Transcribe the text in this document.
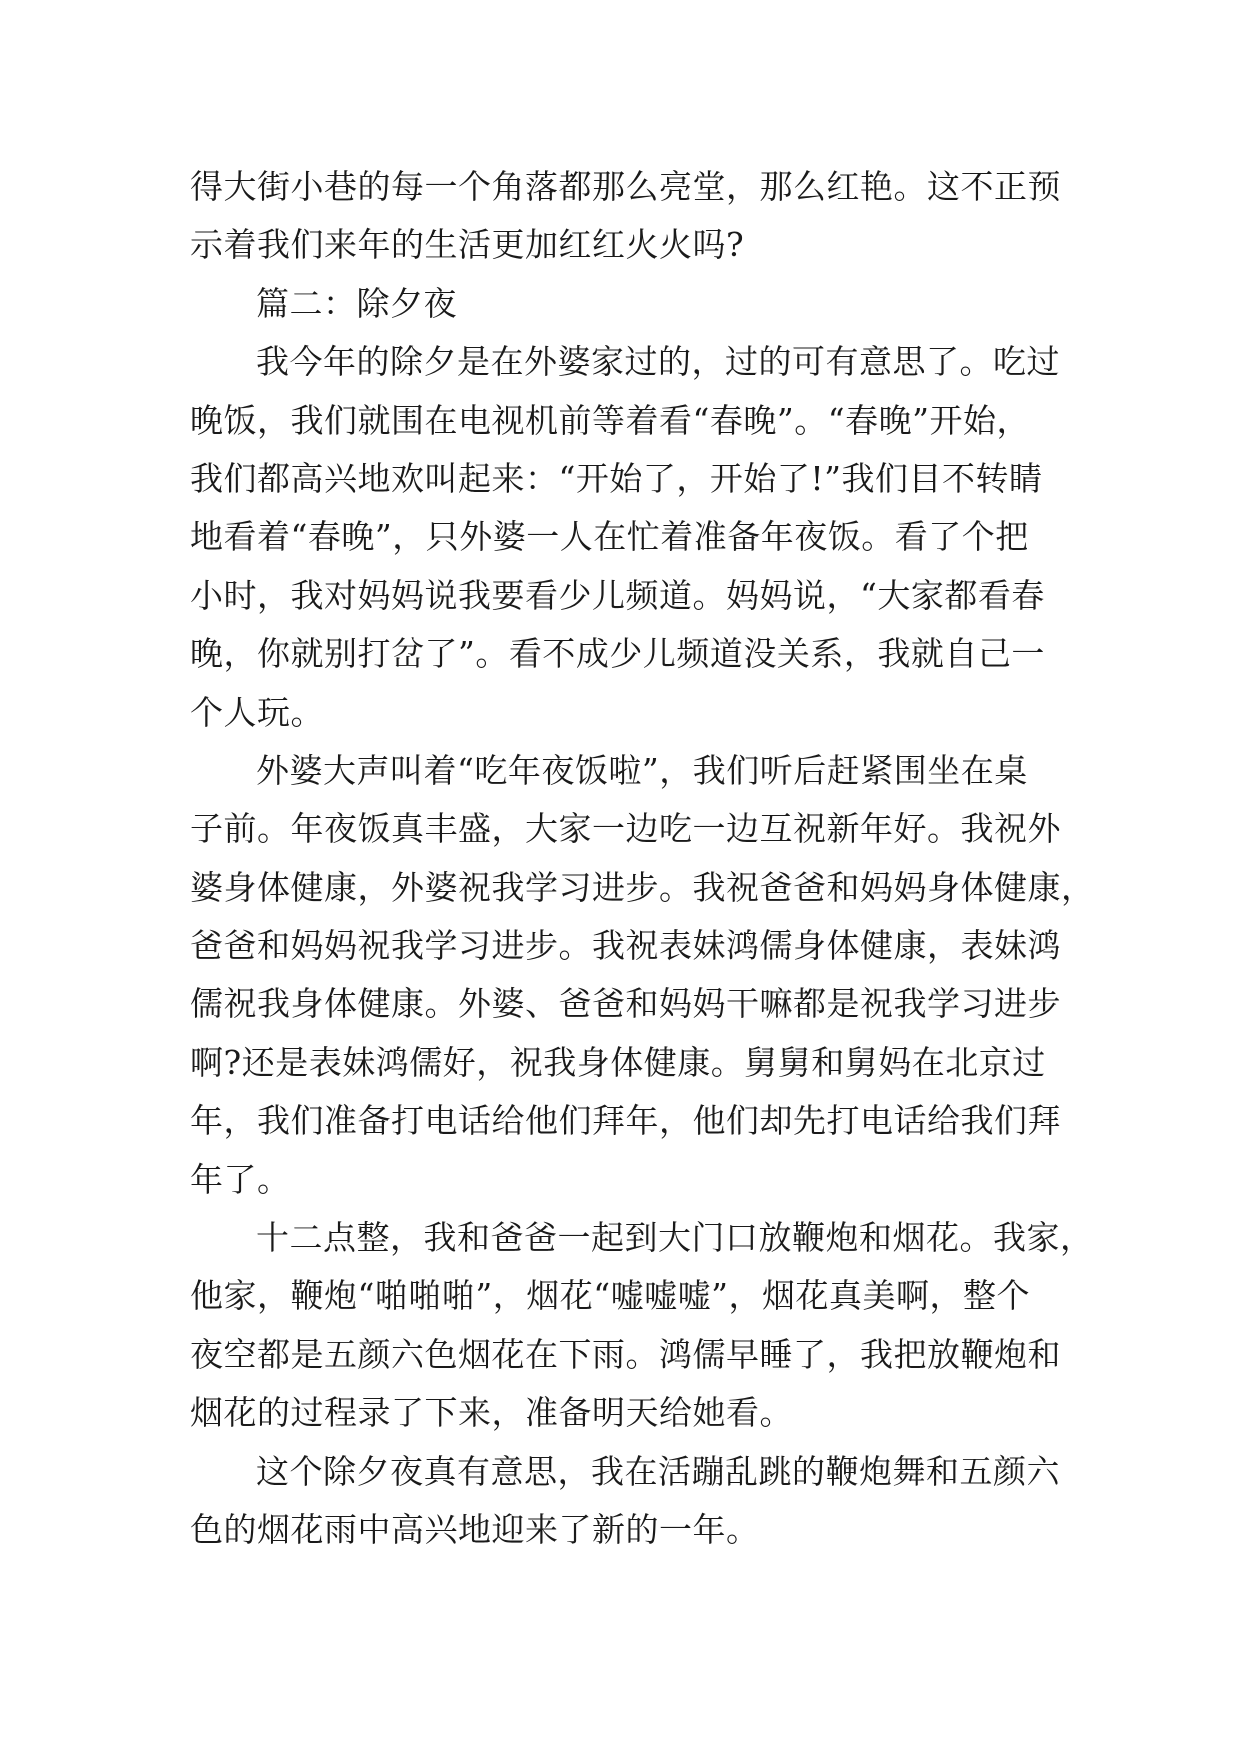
得大街小巷的每一个角落都那么亮堂，那么红艳。这不正预
示着我们来年的生活更加红红火火吗?
篇二：除夕夜
我今年的除夕是在外婆家过的，过的可有意思了。吃过
晚饭，我们就围在电视机前等着看“春晚”。“春晚”开始，
我们都高兴地欢叫起来：“开始了，开始了!”我们目不转睛
地看着“春晚”，只外婆一人在忙着准备年夜饭。看了个把
小时，我对妈妈说我要看少儿频道。妈妈说，“大家都看春
晚，你就别打岔了”。看不成少儿频道没关系，我就自己一
个人玩。
外婆大声叫着“吃年夜饭啦”，我们听后赶紧围坐在桌
子前。年夜饭真丰盛，大家一边吃一边互祝新年好。我祝外
婆身体健康，外婆祝我学习进步。我祝爸爸和妈妈身体健康，
爸爸和妈妈祝我学习进步。我祝表妹鸿儒身体健康，表妹鸿
儒祝我身体健康。外婆、爸爸和妈妈干嘛都是祝我学习进步
啊?还是表妹鸿儒好，祝我身体健康。舅舅和舅妈在北京过
年，我们准备打电话给他们拜年，他们却先打电话给我们拜
年了。
十二点整，我和爸爸一起到大门口放鞭炮和烟花。我家，
他家，鞭炮“啪啪啪”，烟花“嘘嘘嘘”，烟花真美啊，整个
夜空都是五颜六色烟花在下雨。鸿儒早睡了，我把放鞭炮和
烟花的过程录了下来，准备明天给她看。
这个除夕夜真有意思，我在活蹦乱跳的鞭炮舞和五颜六
色的烟花雨中高兴地迎来了新的一年。
